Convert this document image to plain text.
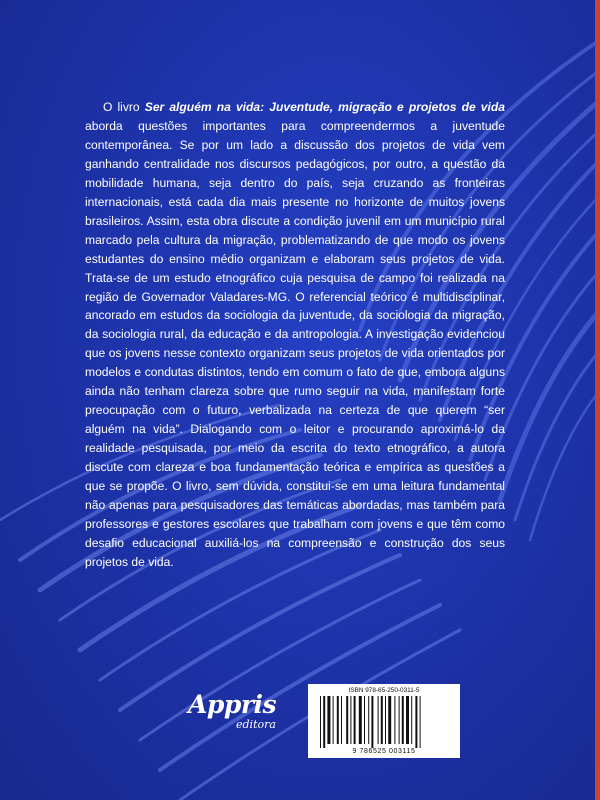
O livro Ser alguém na vida: Juventude, migração e projetos de vida aborda questões importantes para compreendermos a juventude contemporânea. Se por um lado a discussão dos projetos de vida vem ganhando centralidade nos discursos pedagógicos, por outro, a questão da mobilidade humana, seja dentro do país, seja cruzando as fronteiras internacionais, está cada dia mais presente no horizonte de muitos jovens brasileiros. Assim, esta obra discute a condição juvenil em um município rural marcado pela cultura da migração, problematizando de que modo os jovens estudantes do ensino médio organizam e elaboram seus projetos de vida. Trata-se de um estudo etnográfico cuja pesquisa de campo foi realizada na região de Governador Valadares-MG. O referencial teórico é multidisciplinar, ancorado em estudos da sociologia da juventude, da sociologia da migração, da sociologia rural, da educação e da antropologia. A investigação evidenciou que os jovens nesse contexto organizam seus projetos de vida orientados por modelos e condutas distintos, tendo em comum o fato de que, embora alguns ainda não tenham clareza sobre que rumo seguir na vida, manifestam forte preocupação com o futuro, verbalizada na certeza de que querem “ser alguém na vida”. Dialogando com o leitor e procurando aproximá-lo da realidade pesquisada, por meio da escrita do texto etnográfico, a autora discute com clareza e boa fundamentação teórica e empírica as questões a que se propõe. O livro, sem dúvida, constitui-se em uma leitura fundamental não apenas para pesquisadores das temáticas abordadas, mas também para professores e gestores escolares que trabalham com jovens e que têm como desafio educacional auxiliá-los na compreensão e construção dos seus projetos de vida.

Appris
editora
ISBN 978-65-250-0311-5
9 786525 003115
